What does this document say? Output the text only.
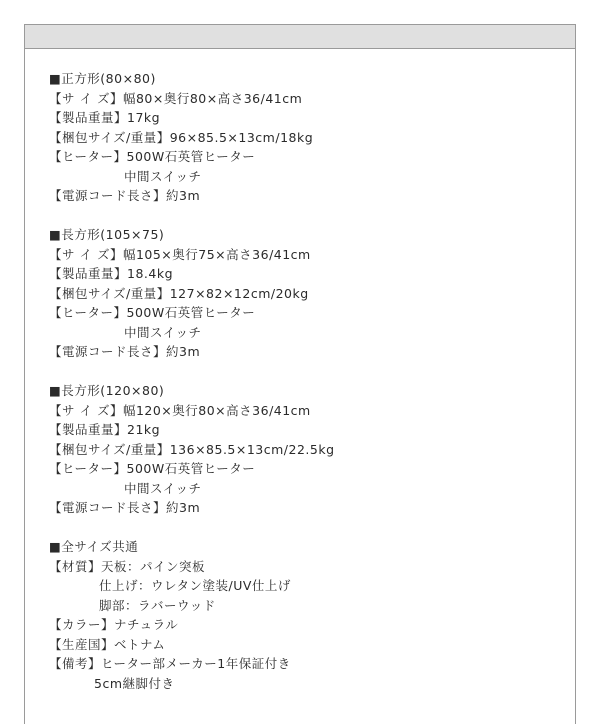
■正方形(80×80)
【サ イ ズ】幅80×奥行80×高さ36/41cm
【製品重量】17kg
【梱包サイズ/重量】96×85.5×13cm/18kg
【ヒーター】500W石英管ヒーター
中間スイッチ
【電源コード長さ】約3m
■長方形(105×75)
【サ イ ズ】幅105×奥行75×高さ36/41cm
【製品重量】18.4kg
【梱包サイズ/重量】127×82×12cm/20kg
【ヒーター】500W石英管ヒーター
中間スイッチ
【電源コード長さ】約3m
■長方形(120×80)
【サ イ ズ】幅120×奥行80×高さ36/41cm
【製品重量】21kg
【梱包サイズ/重量】136×85.5×13cm/22.5kg
【ヒーター】500W石英管ヒーター
中間スイッチ
【電源コード長さ】約3m
■全サイズ共通
【材質】天板：パイン突板
仕上げ：ウレタン塗装/UV仕上げ
脚部：ラバーウッド
【カラー】ナチュラル
【生産国】ベトナム
【備考】ヒーター部メーカー1年保証付き
5cm継脚付き
